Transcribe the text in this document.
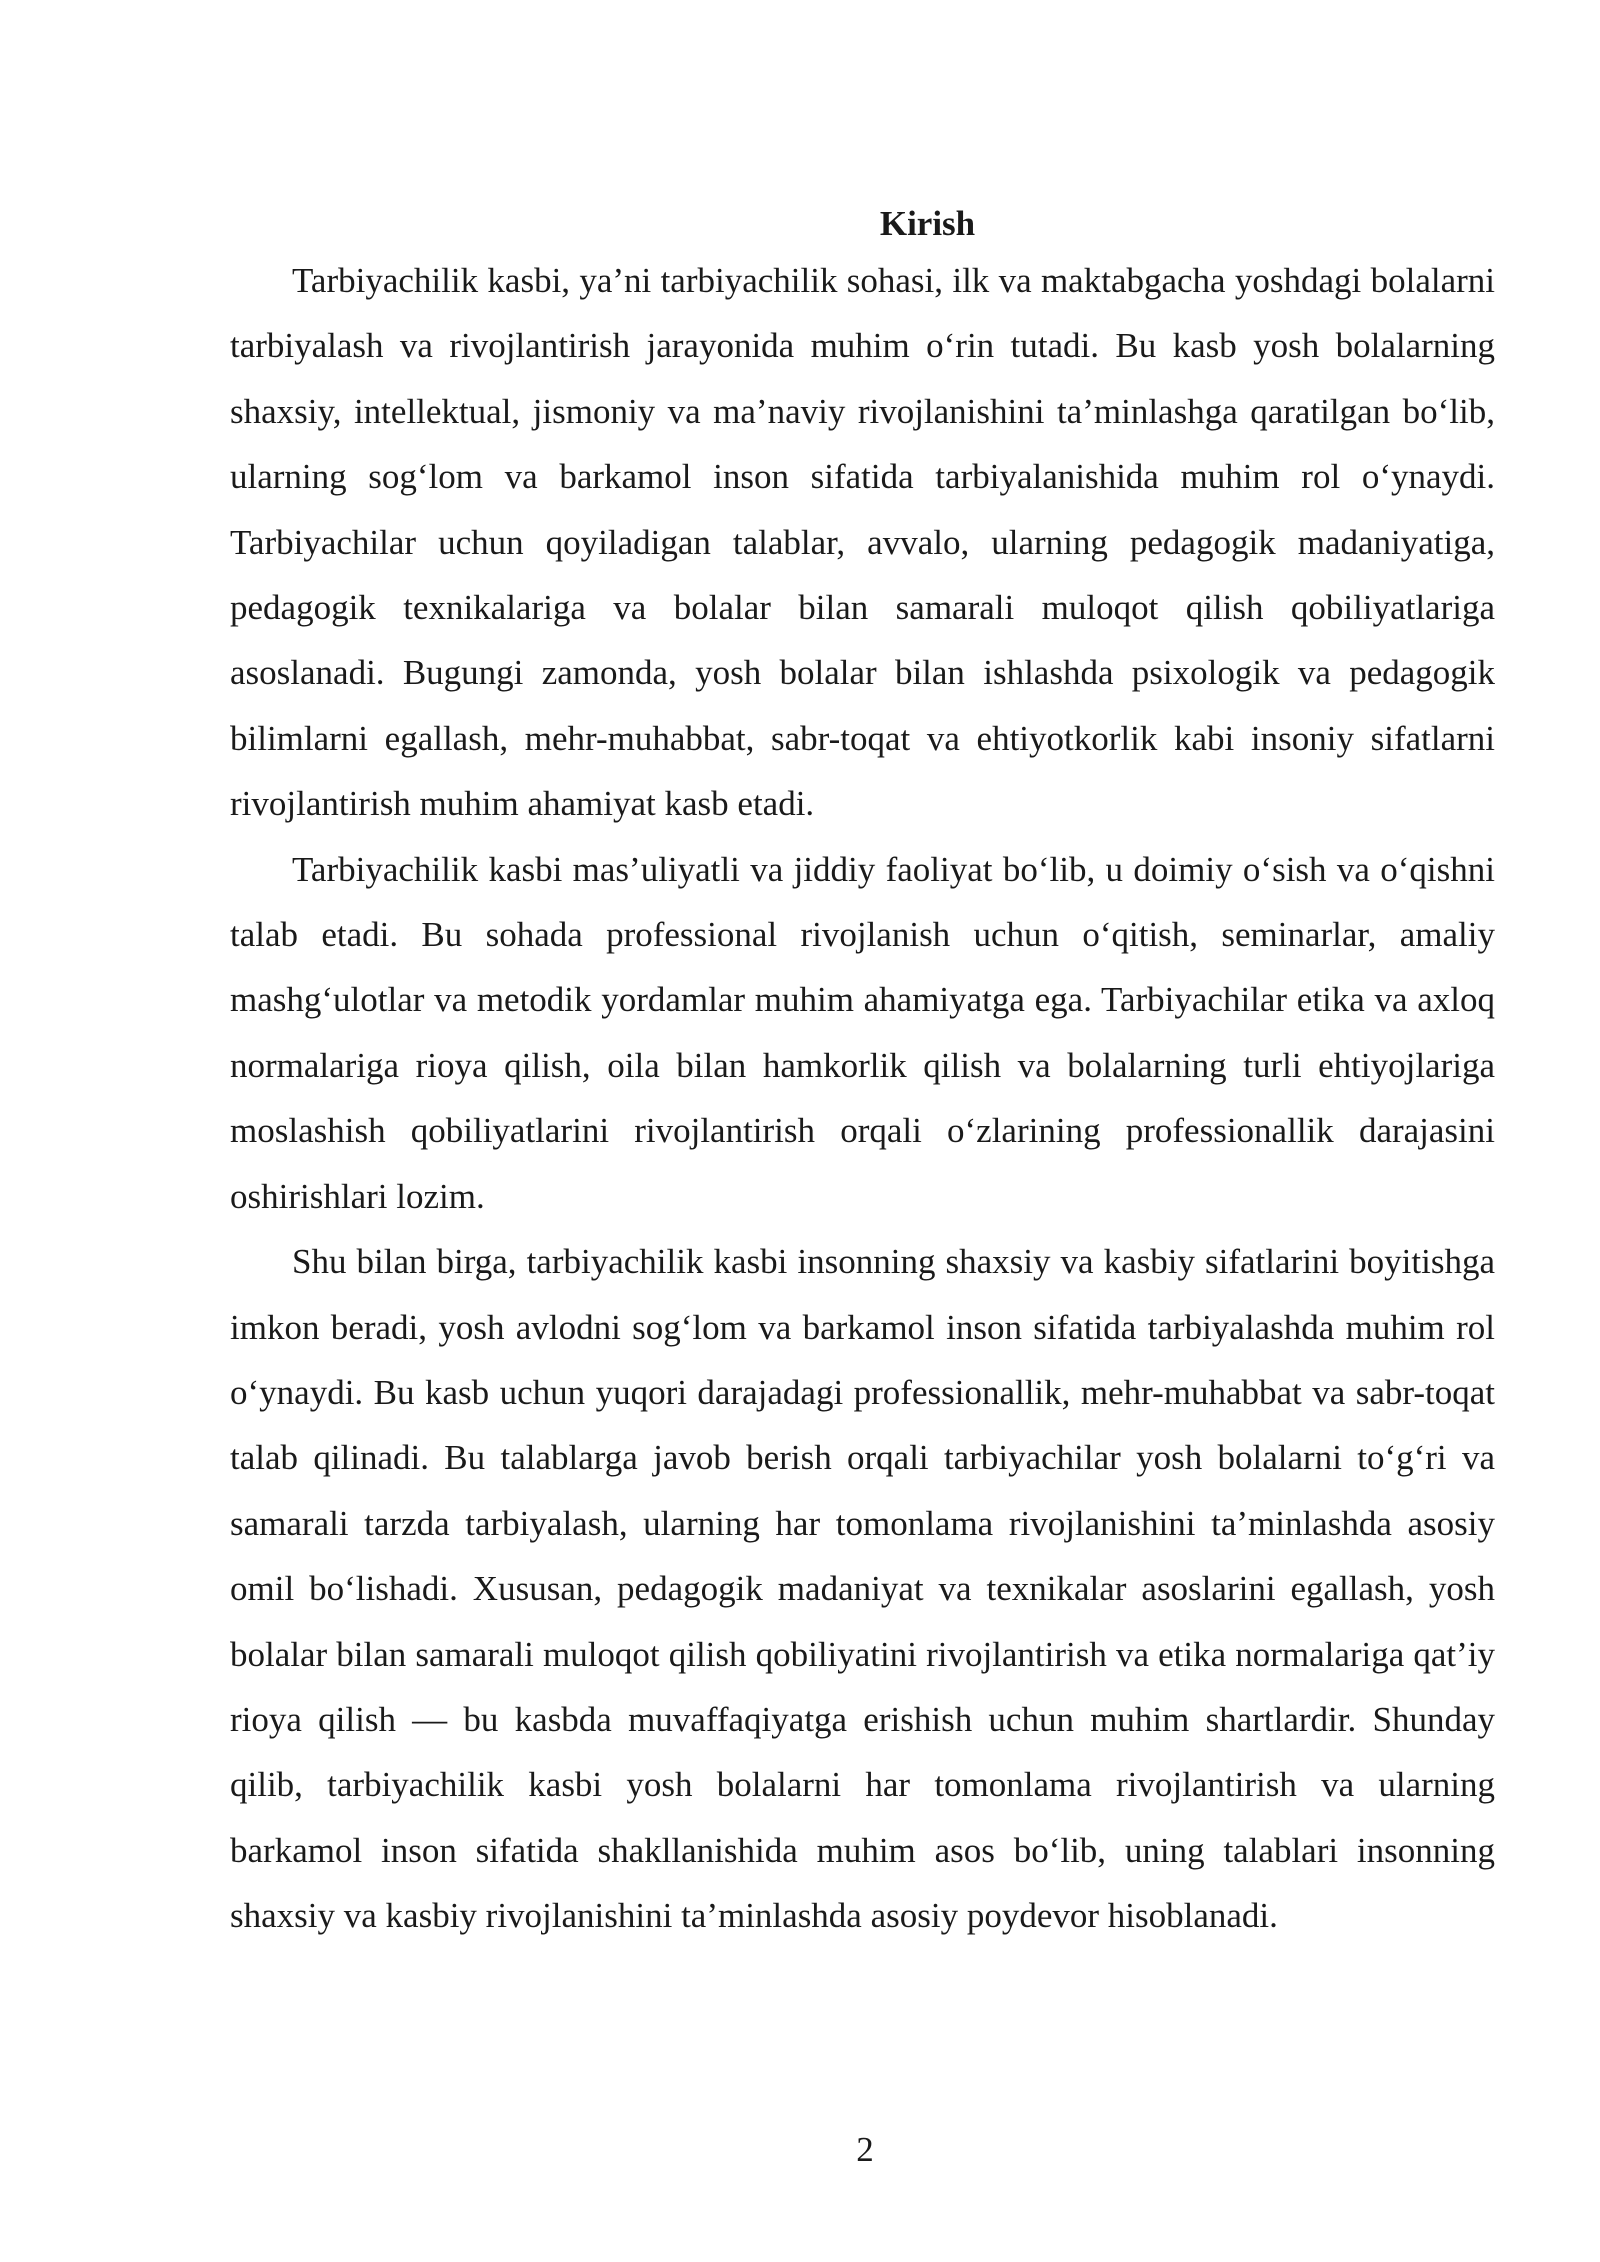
Kirish

Tarbiyachilik kasbi, ya’ni tarbiyachilik sohasi, ilk va maktabgacha yoshdagi bolalarni tarbiyalash va rivojlantirish jarayonida muhim o‘rin tutadi. Bu kasb yosh bolalarning shaxsiy, intellektual, jismoniy va ma’naviy rivojlanishini ta’minlashga qaratilgan bo‘lib, ularning sog‘lom va barkamol inson sifatida tarbiyalanishida muhim rol o‘ynaydi. Tarbiyachilar uchun qoyiladigan talablar, avvalo, ularning pedagogik madaniyatiga, pedagogik texnikalariga va bolalar bilan samarali muloqot qilish qobiliyatlariga asoslanadi. Bugungi zamonda, yosh bolalar bilan ishlashda psixologik va pedagogik bilimlarni egallash, mehr-muhabbat, sabr-toqat va ehtiyotkorlik kabi insoniy sifatlarni rivojlantirish muhim ahamiyat kasb etadi.

Tarbiyachilik kasbi mas’uliyatli va jiddiy faoliyat bo‘lib, u doimiy o‘sish va o‘qishni talab etadi. Bu sohada professional rivojlanish uchun o‘qitish, seminarlar, amaliy mashg‘ulotlar va metodik yordamlar muhim ahamiyatga ega. Tarbiyachilar etika va axloq normalariga rioya qilish, oila bilan hamkorlik qilish va bolalarning turli ehtiyojlariga moslashish qobiliyatlarini rivojlantirish orqali o‘zlarining professionallik darajasini oshirishlari lozim.

Shu bilan birga, tarbiyachilik kasbi insonning shaxsiy va kasbiy sifatlarini boyitishga imkon beradi, yosh avlodni sog‘lom va barkamol inson sifatida tarbiyalashda muhim rol o‘ynaydi. Bu kasb uchun yuqori darajadagi professionallik, mehr-muhabbat va sabr-toqat talab qilinadi. Bu talablarga javob berish orqali tarbiyachilar yosh bolalarni to‘g‘ri va samarali tarzda tarbiyalash, ularning har tomonlama rivojlanishini ta’minlashda asosiy omil bo‘lishadi. Xususan, pedagogik madaniyat va texnikalar asoslarini egallash, yosh bolalar bilan samarali muloqot qilish qobiliyatini rivojlantirish va etika normalariga qat’iy rioya qilish — bu kasbda muvaffaqiyatga erishish uchun muhim shartlardir. Shunday qilib, tarbiyachilik kasbi yosh bolalarni har tomonlama rivojlantirish va ularning barkamol inson sifatida shakllanishida muhim asos bo‘lib, uning talablari insonning shaxsiy va kasbiy rivojlanishini ta’minlashda asosiy poydevor hisoblanadi.

2
